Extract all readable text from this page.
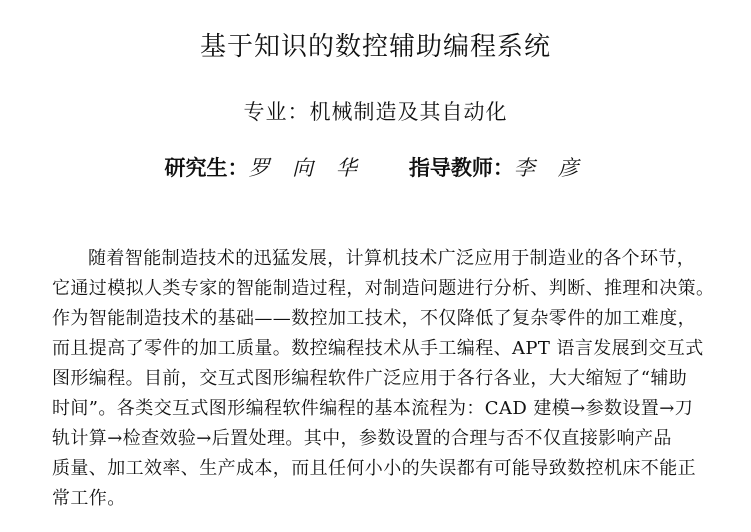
基于知识的数控辅助编程系统
专业：机械制造及其自动化
研究生：罗 向 华 指导教师：李 彦
随着智能制造技术的迅猛发展，计算机技术广泛应用于制造业的各个环节，
它通过模拟人类专家的智能制造过程，对制造问题进行分析、判断、推理和决策。
作为智能制造技术的基础——数控加工技术，不仅降低了复杂零件的加工难度，
而且提高了零件的加工质量。数控编程技术从手工编程、APT 语言发展到交互式
图形编程。目前，交互式图形编程软件广泛应用于各行各业，大大缩短了“辅助
时间”。各类交互式图形编程软件编程的基本流程为：CAD 建模→参数设置→刀
轨计算→检查效验→后置处理。其中，参数设置的合理与否不仅直接影响产品
质量、加工效率、生产成本，而且任何小小的失误都有可能导致数控机床不能正
常工作。
